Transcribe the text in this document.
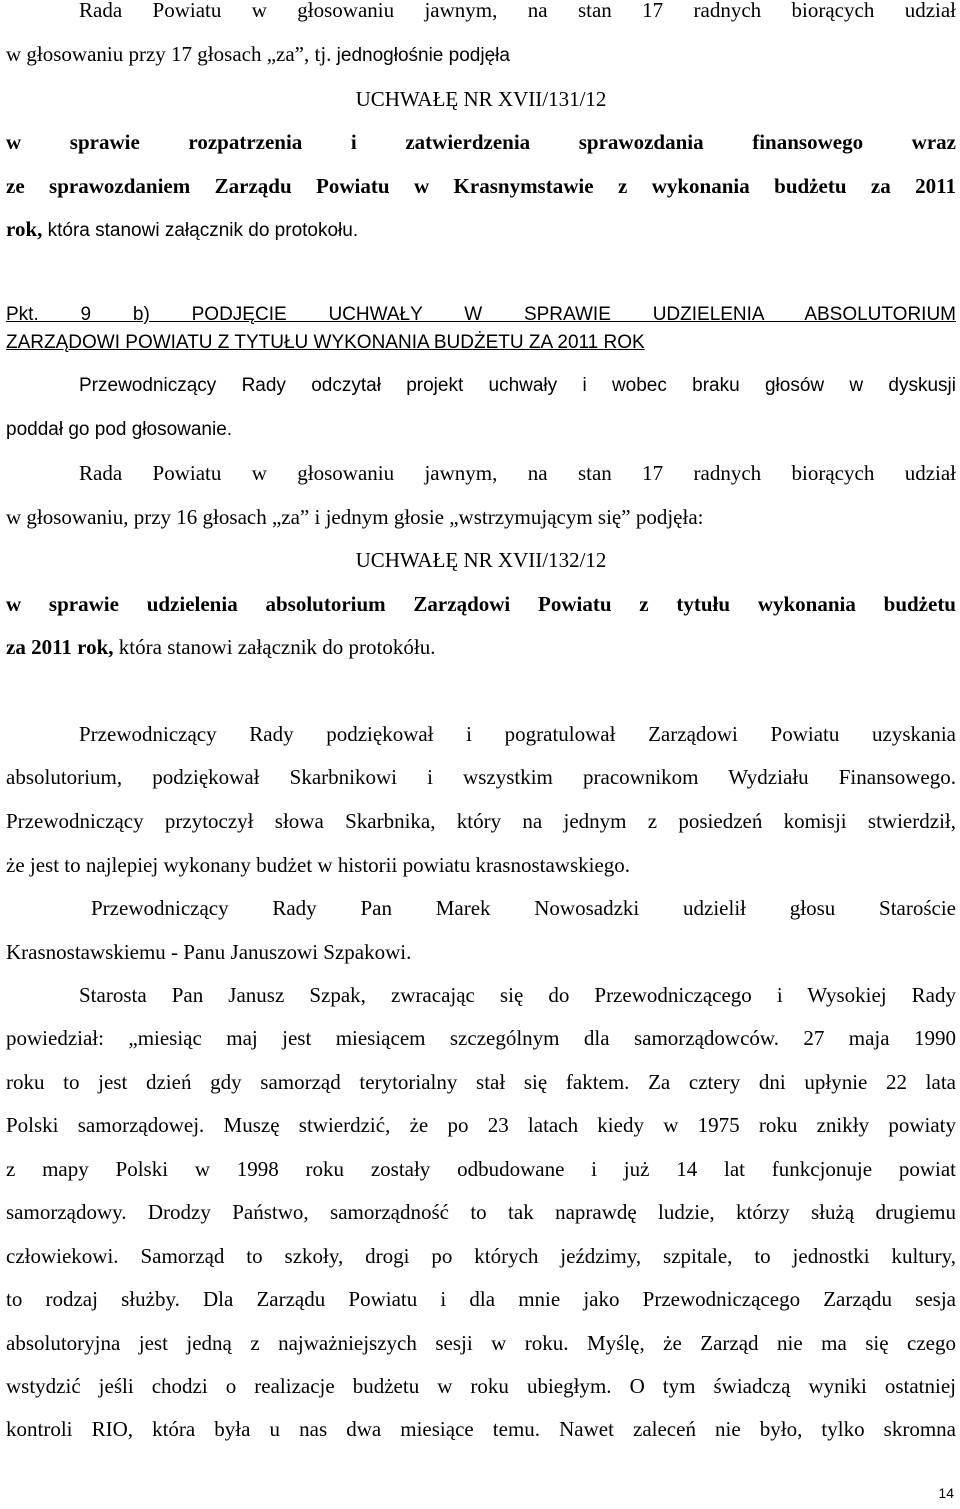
Rada Powiatu w głosowaniu jawnym, na stan 17 radnych biorących udział
w głosowaniu przy 17 głosach „za”, tj. jednogłośnie podjęła
UCHWAŁĘ NR XVII/131/12
w sprawie rozpatrzenia i zatwierdzenia sprawozdania finansowego wraz
ze sprawozdaniem Zarządu Powiatu w Krasnymstawie z wykonania budżetu za 2011
rok, która stanowi załącznik do protokołu.
Pkt. 9 b) PODJĘCIE UCHWAŁY W SPRAWIE UDZIELENIA ABSOLUTORIUM
ZARZĄDOWI POWIATU Z TYTUŁU WYKONANIA BUDŻETU ZA 2011 ROK
Przewodniczący Rady odczytał projekt uchwały i wobec braku głosów w dyskusji
poddał go pod głosowanie.
Rada Powiatu w głosowaniu jawnym, na stan 17 radnych biorących udział
w głosowaniu, przy 16 głosach „za” i jednym głosie „wstrzymującym się” podjęła:
UCHWAŁĘ NR XVII/132/12
w sprawie udzielenia absolutorium Zarządowi Powiatu z tytułu wykonania budżetu
za 2011 rok, która stanowi załącznik do protokółu.
Przewodniczący Rady podziękował i pogratulował Zarządowi Powiatu uzyskania
absolutorium, podziękował Skarbnikowi i wszystkim pracownikom Wydziału Finansowego.
Przewodniczący przytoczył słowa Skarbnika, który na jednym z posiedzeń komisji stwierdził,
że jest to najlepiej wykonany budżet w historii powiatu krasnostawskiego.
Przewodniczący Rady Pan Marek Nowosadzki udzielił głosu Staroście
Krasnostawskiemu - Panu Januszowi Szpakowi.
Starosta Pan Janusz Szpak, zwracając się do Przewodniczącego i Wysokiej Rady
powiedział: „miesiąc maj jest miesiącem szczególnym dla samorządowców. 27 maja 1990
roku to jest dzień gdy samorząd terytorialny stał się faktem. Za cztery dni upłynie 22 lata
Polski samorządowej. Muszę stwierdzić, że po 23 latach kiedy w 1975 roku znikły powiaty
z mapy Polski w 1998 roku zostały odbudowane i już 14 lat funkcjonuje powiat
samorządowy. Drodzy Państwo, samorządność to tak naprawdę ludzie, którzy służą drugiemu
człowiekowi. Samorząd to szkoły, drogi po których jeździmy, szpitale, to jednostki kultury,
to rodzaj służby. Dla Zarządu Powiatu i dla mnie jako Przewodniczącego Zarządu sesja
absolutoryjna jest jedną z najważniejszych sesji w roku. Myślę, że Zarząd nie ma się czego
wstydzić jeśli chodzi o realizacje budżetu w roku ubiegłym. O tym świadczą wyniki ostatniej
kontroli RIO, która była u nas dwa miesiące temu. Nawet zaleceń nie było, tylko skromna
14
